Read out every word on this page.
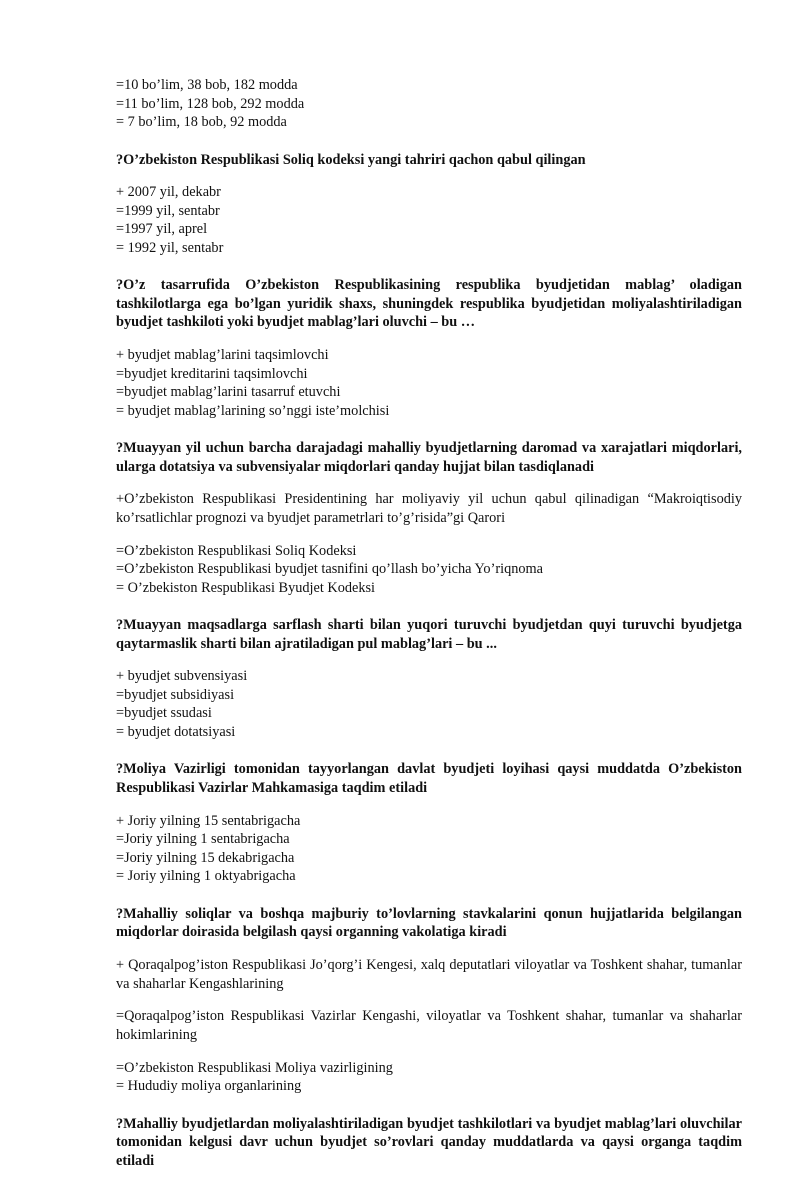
=10 bo’lim, 38 bob, 182 modda

=11 bo’lim, 128 bob, 292 modda

= 7 bo’lim, 18 bob, 92 modda

?O’zbekiston Respublikasi Soliq kodeksi yangi tahriri qachon qabul qilingan

+ 2007 yil, dekabr

=1999 yil, sentabr

=1997 yil, aprel

= 1992 yil, sentabr

?O’z tasarrufida O’zbekiston Respublikasining respublika byudjetidan mablag’ oladigan tashkilotlarga ega bo’lgan yuridik shaxs, shuningdek respublika byudjetidan moliyalashtiriladigan byudjet tashkiloti yoki byudjet mablag’lari oluvchi – bu …

+ byudjet mablag’larini taqsimlovchi

=byudjet kreditarini taqsimlovchi

=byudjet mablag’larini tasarruf etuvchi

= byudjet mablag’larining so’nggi iste’molchisi

?Muayyan yil uchun barcha darajadagi mahalliy byudjetlarning daromad va xarajatlari miqdorlari, ularga dotatsiya va subvensiyalar miqdorlari qanday hujjat bilan tasdiqlanadi

+O’zbekiston Respublikasi Presidentining har moliyaviy yil uchun qabul qilinadigan “Makroiqtisodiy ko’rsatlichlar prognozi va byudjet parametrlari to’g’risida”gi Qarori

=O’zbekiston Respublikasi Soliq Kodeksi

=O’zbekiston Respublikasi byudjet tasnifini qo’llash bo’yicha Yo’riqnoma

= O’zbekiston Respublikasi Byudjet Kodeksi

?Muayyan maqsadlarga sarflash sharti bilan yuqori turuvchi byudjetdan quyi turuvchi byudjetga qaytarmaslik sharti bilan ajratiladigan pul mablag’lari – bu ...

+ byudjet subvensiyasi

=byudjet subsidiyasi

=byudjet ssudasi

= byudjet dotatsiyasi

?Moliya Vazirligi tomonidan tayyorlangan davlat byudjeti loyihasi qaysi muddatda O’zbekiston Respublikasi Vazirlar Mahkamasiga taqdim etiladi

+ Joriy yilning 15 sentabrigacha

=Joriy yilning 1 sentabrigacha

=Joriy yilning 15 dekabrigacha

= Joriy yilning 1 oktyabrigacha

?Mahalliy soliqlar va boshqa majburiy to’lovlarning stavkalarini qonun hujjatlarida belgilangan miqdorlar doirasida belgilash qaysi organning vakolatiga kiradi

+ Qoraqalpog’iston Respublikasi Jo’qorg’i Kengesi, xalq deputatlari viloyatlar va Toshkent shahar, tumanlar va shaharlar Kengashlarining

=Qoraqalpog’iston Respublikasi Vazirlar Kengashi, viloyatlar va Toshkent shahar, tumanlar va shaharlar hokimlarining

=O’zbekiston Respublikasi Moliya vazirligining

= Hududiy moliya organlarining

?Mahalliy byudjetlardan moliyalashtiriladigan byudjet tashkilotlari va byudjet mablag’lari oluvchilar tomonidan kelgusi davr uchun byudjet so’rovlari qanday muddatlarda va qaysi organga taqdim etiladi
